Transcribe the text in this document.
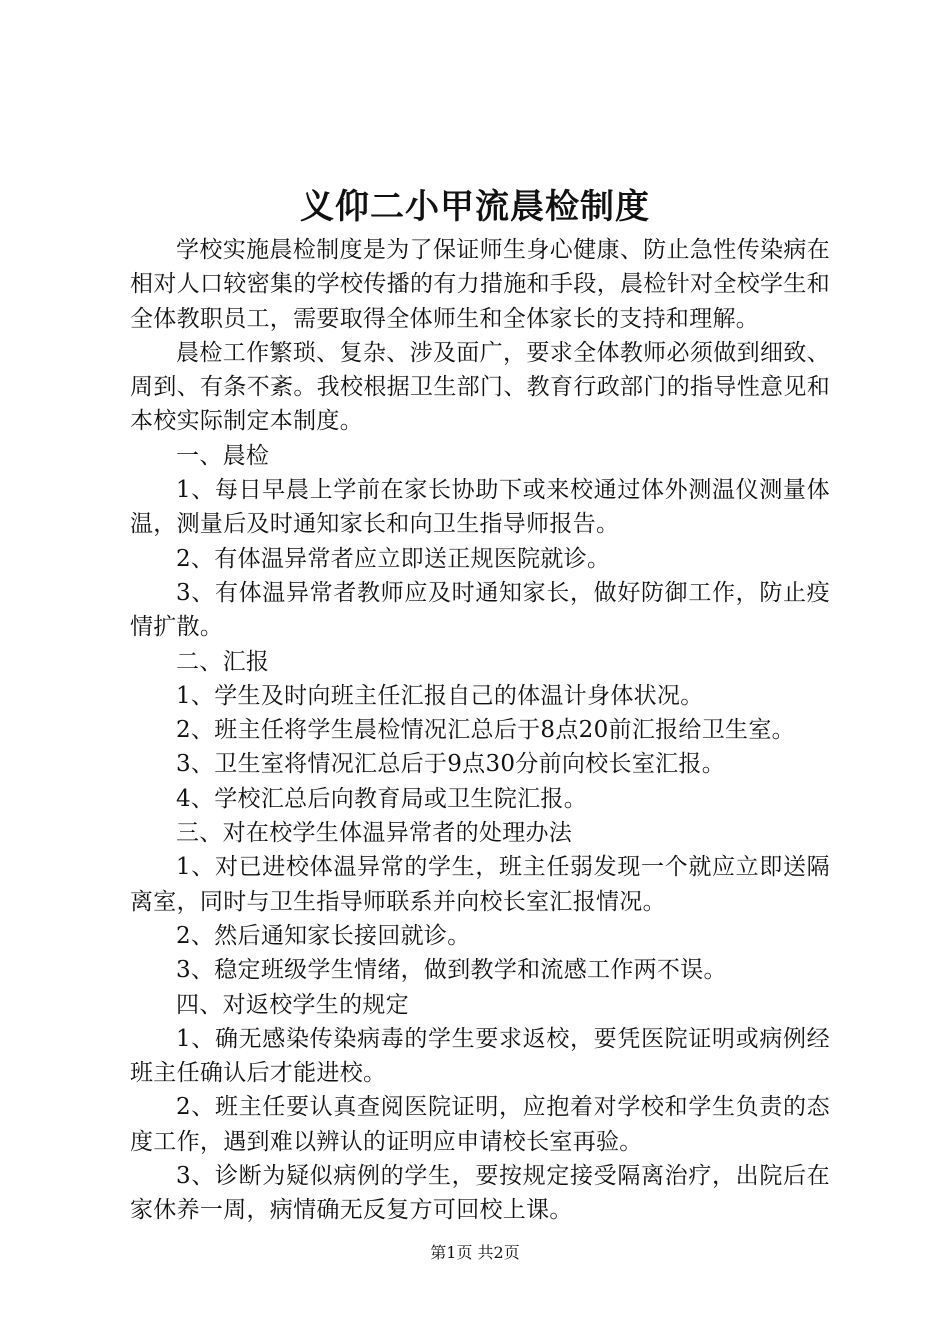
义仰二小甲流晨检制度

学校实施晨检制度是为了保证师生身心健康、防止急性传染病在相对人口较密集的学校传播的有力措施和手段，晨检针对全校学生和全体教职员工，需要取得全体师生和全体家长的支持和理解。

晨检工作繁琐、复杂、涉及面广，要求全体教师必须做到细致、周到、有条不紊。我校根据卫生部门、教育行政部门的指导性意见和本校实际制定本制度。

一、晨检

1、每日早晨上学前在家长协助下或来校通过体外测温仪测量体温，测量后及时通知家长和向卫生指导师报告。

2、有体温异常者应立即送正规医院就诊。

3、有体温异常者教师应及时通知家长，做好防御工作，防止疫情扩散。

二、汇报

1、学生及时向班主任汇报自己的体温计身体状况。

2、班主任将学生晨检情况汇总后于8点20前汇报给卫生室。

3、卫生室将情况汇总后于9点30分前向校长室汇报。

4、学校汇总后向教育局或卫生院汇报。

三、对在校学生体温异常者的处理办法

1、对已进校体温异常的学生，班主任弱发现一个就应立即送隔离室，同时与卫生指导师联系并向校长室汇报情况。

2、然后通知家长接回就诊。

3、稳定班级学生情绪，做到教学和流感工作两不误。

四、对返校学生的规定

1、确无感染传染病毒的学生要求返校，要凭医院证明或病例经班主任确认后才能进校。

2、班主任要认真查阅医院证明，应抱着对学校和学生负责的态度工作，遇到难以辨认的证明应申请校长室再验。

3、诊断为疑似病例的学生，要按规定接受隔离治疗，出院后在家休养一周，病情确无反复方可回校上课。

第1页 共2页
